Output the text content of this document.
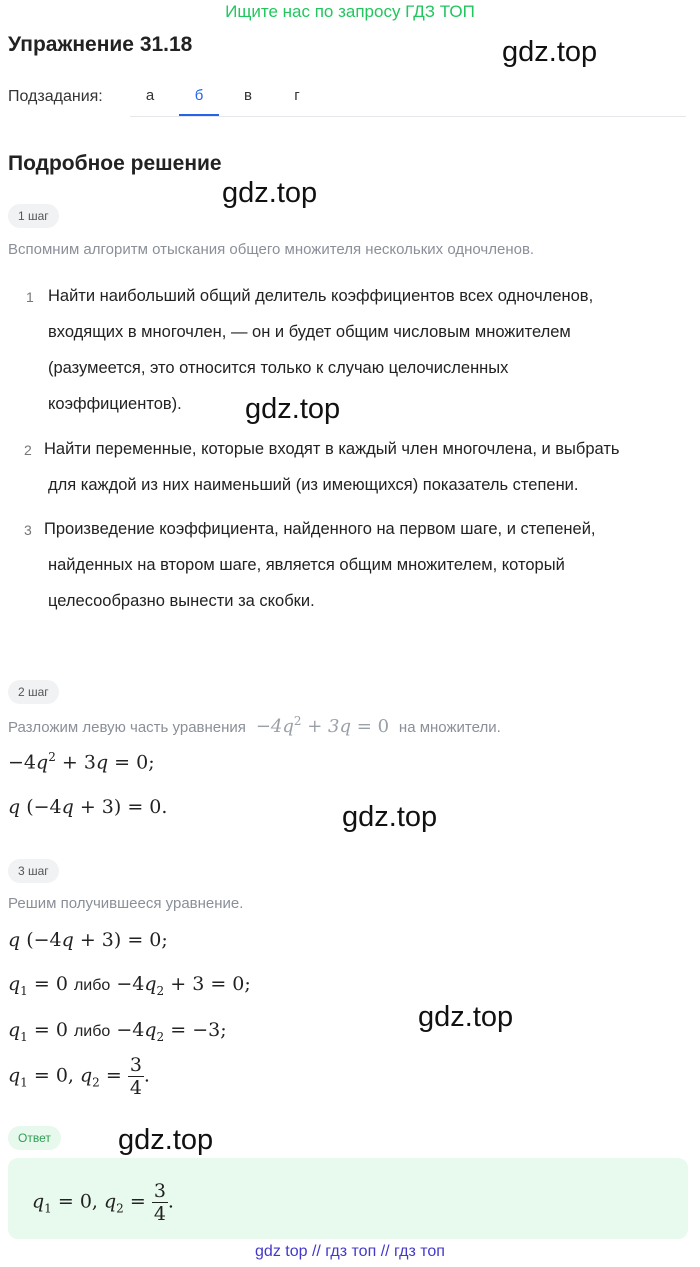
Ищите нас по запросу ГДЗ ТОП
Упражнение 31.18	gdz.top
Подзадания:	а	б	в	г
Подробное решение
gdz.top
1 шаг
Вспомним алгоритм отыскания общего множителя нескольких одночленов.
1 Найти наибольший общий делитель коэффициентов всех одночленов,
входящих в многочлен, — он и будет общим числовым множителем
(разумеется, это относится только к случаю целочисленных
коэффициентов).	gdz.top
2 Найти переменные, которые входят в каждый член многочлена, и выбрать
для каждой из них наименьший (из имеющихся) показатель степени.
3 Произведение коэффициента, найденного на первом шаге, и степеней,
найденных на втором шаге, является общим множителем, который
целесообразно вынести за скобки.
2 шаг
Разложим левую часть уравнения  $-4q^2 + 3q = 0$ на множители.
$-4q^2 + 3q = 0$;
q (−4q + 3) = 0.	gdz.top
3 шаг
Решим получившееся уравнение.
q (−4q + 3) = 0;
$q_1 = 0$ либо $-4q_2 + 3 = 0$;
$q_1 = 0$ либо $-4q_2 = -3$;	gdz.top
$q_1 = 0$, $q_2 = \frac{3}{4}$ .
Ответ	gdz.top
$q_1 = 0$, $q_2 = \frac{3}{4}$ .
gdz top // гдз топ // гдз топ
